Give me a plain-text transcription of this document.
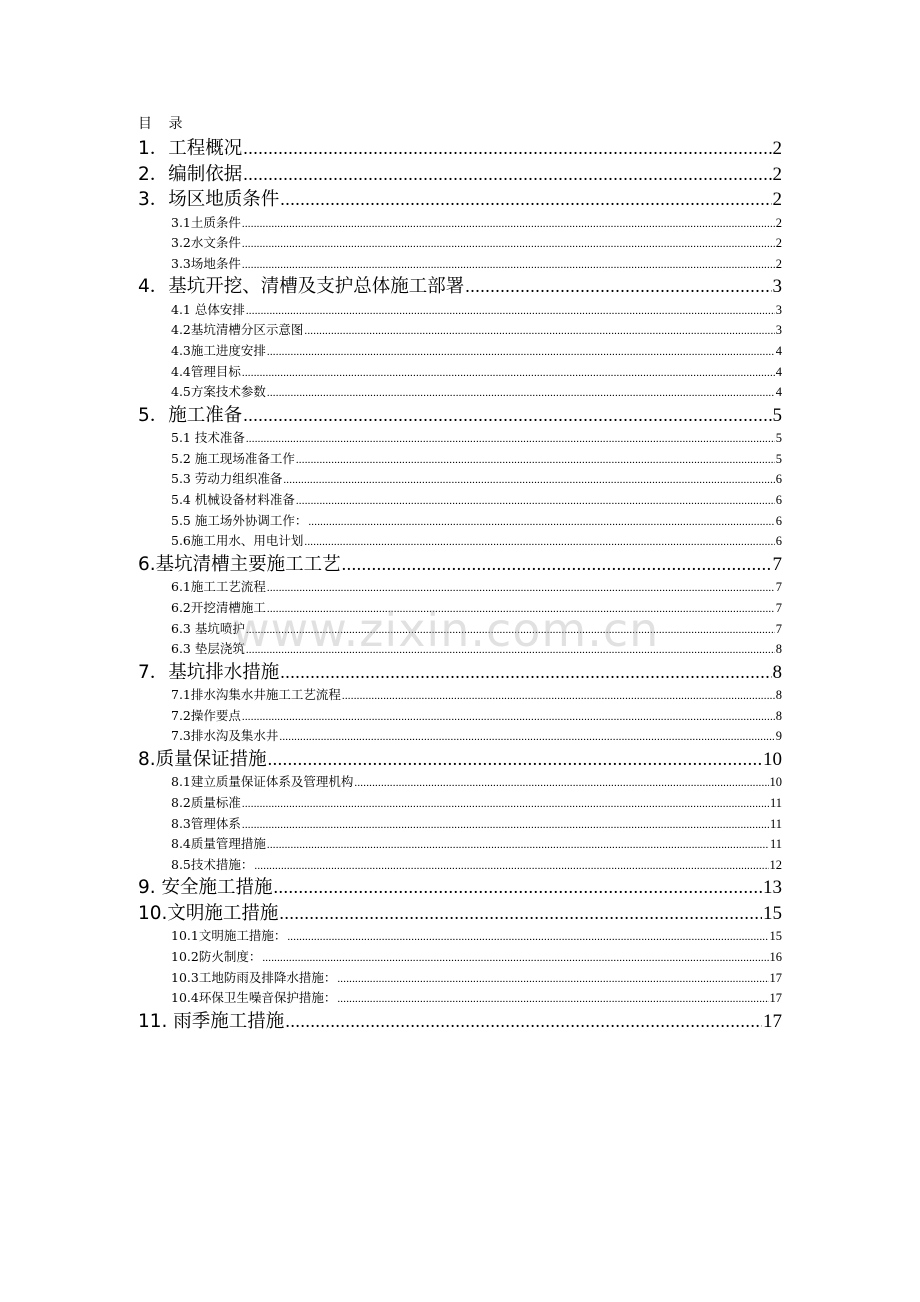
目 录
1．工程概况 .....	2
2．编制依据 .....	2
3．场区地质条件 .....	2
3.1土质条件 .....	2
3.2水文条件 .....	2
3.3场地条件 .....	2
4．基坑开挖、清槽及支护总体施工部署 .....	3
4.1 总体安排 .....	3
4.2基坑清槽分区示意图 .....	3
4.3施工进度安排 .....	4
4.4管理目标 .....	4
4.5方案技术参数 .....	4
5．施工准备 .....	5
5.1 技术准备 .....	5
5.2 施工现场准备工作 .....	5
5.3 劳动力组织准备 .....	6
5.4 机械设备材料准备 .....	6
5.5 施工场外协调工作： .....	6
5.6施工用水、用电计划 .....	6
6.基坑清槽主要施工工艺 .....	7
6.1施工工艺流程 .....	7
6.2开挖清槽施工 .....	7
6.3 基坑喷护 .....	7
6.3 垫层浇筑 .....	8
7．基坑排水措施 .....	8
7.1排水沟集水井施工工艺流程 .....	8
7.2操作要点 .....	8
7.3排水沟及集水井 .....	9
8.质量保证措施 .....	10
8.1建立质量保证体系及管理机构 .....	10
8.2质量标准 .....	11
8.3管理体系 .....	11
8.4质量管理措施 .....	11
8.5技术措施： .....	12
9. 安全施工措施 .....	13
10.文明施工措施 .....	15
10.1文明施工措施： .....	15
10.2防火制度： .....	16
10.3工地防雨及排降水措施： .....	17
10.4环保卫生噪音保护措施： .....	17
11. 雨季施工措施 .....	17
www.zixin.com.cn
